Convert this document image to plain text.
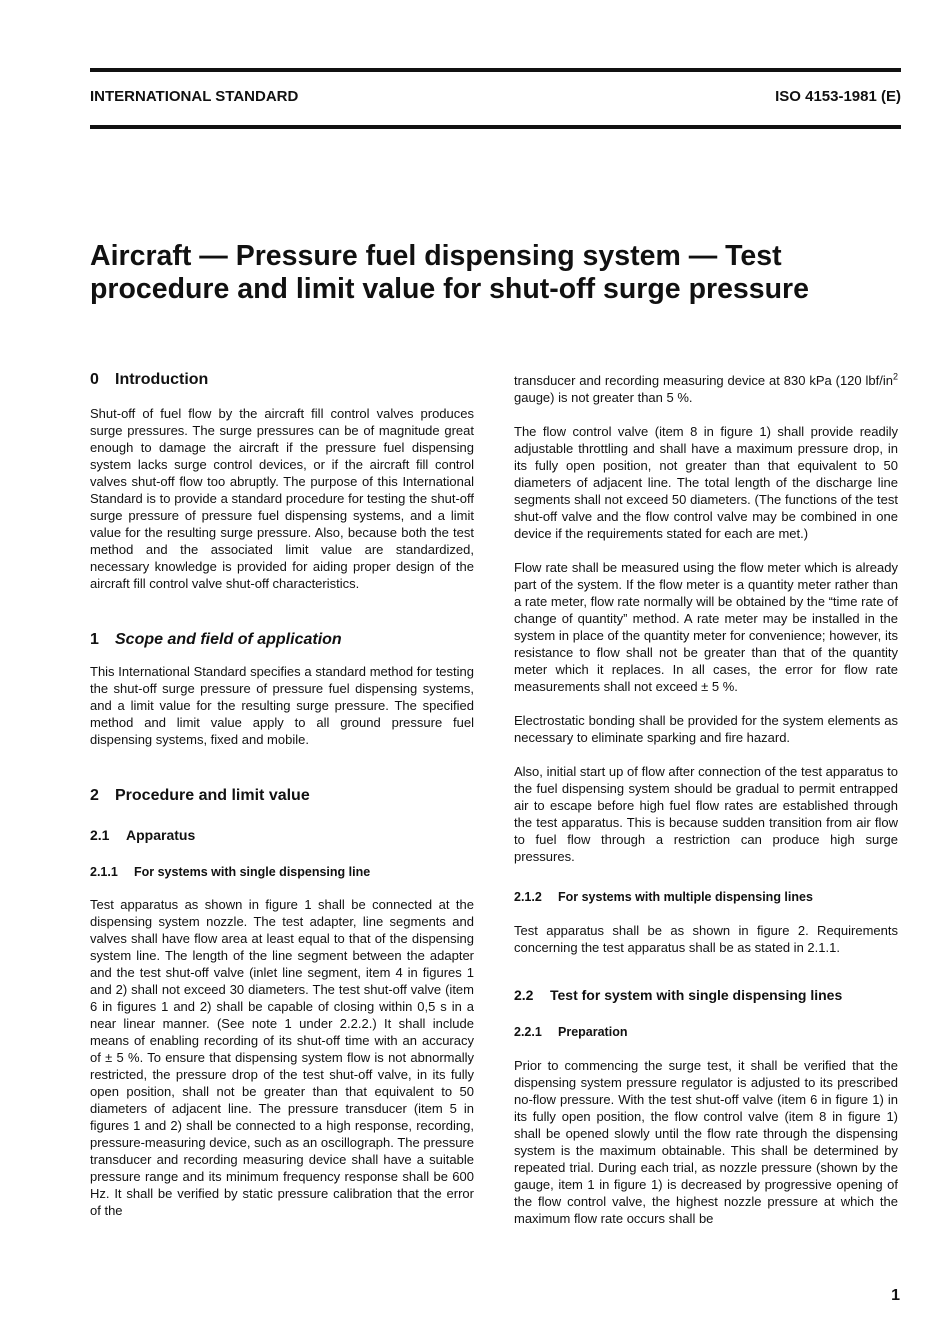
INTERNATIONAL STANDARD	ISO 4153-1981 (E)
Aircraft — Pressure fuel dispensing system — Test
procedure and limit value for shut-off surge pressure
0 Introduction

Shut-off of fuel flow by the aircraft fill control valves produces surge pressures. The surge pressures can be of magnitude great enough to damage the aircraft if the pressure fuel dispensing system lacks surge control devices, or if the aircraft fill control valves shut-off flow too abruptly. The purpose of this International Standard is to provide a standard procedure for testing the shut-off surge pressure of pressure fuel dispensing systems, and a limit value for the resulting surge pressure. Also, because both the test method and the associated limit value are standardized, necessary knowledge is provided for aiding proper design of the aircraft fill control valve shut-off characteristics.

1 Scope and field of application

This International Standard specifies a standard method for testing the shut-off surge pressure of pressure fuel dispensing systems, and a limit value for the resulting surge pressure. The specified method and limit value apply to all ground pressure fuel dispensing systems, fixed and mobile.

2 Procedure and limit value
2.1 Apparatus
2.1.1 For systems with single dispensing line

Test apparatus as shown in figure 1 shall be connected at the dispensing system nozzle. The test adapter, line segments and valves shall have flow area at least equal to that of the dispensing system line. The length of the line segment between the adapter and the test shut-off valve (inlet line segment, item 4 in figures 1 and 2) shall not exceed 30 diameters. The test shut-off valve (item 6 in figures 1 and 2) shall be capable of closing within 0,5 s in a near linear manner. (See note 1 under 2.2.2.) It shall include means of enabling recording of its shut-off time with an accuracy of ± 5 %. To ensure that dispensing system flow is not abnormally restricted, the pressure drop of the test shut-off valve, in its fully open position, shall not be greater than that equivalent to 50 diameters of adjacent line. The pressure transducer (item 5 in figures 1 and 2) shall be connected to a high response, recording, pressure-measuring device, such as an oscillograph. The pressure transducer and recording measuring device shall have a suitable pressure range and its minimum frequency response shall be 600 Hz. It shall be verified by static pressure calibration that the error of the

transducer and recording measuring device at 830 kPa (120 lbf/$in^2$ gauge) is not greater than 5 %.

The flow control valve (item 8 in figure 1) shall provide readily adjustable throttling and shall have a maximum pressure drop, in its fully open position, not greater than that equivalent to 50 diameters of adjacent line. The total length of the discharge line segments shall not exceed 50 diameters. (The functions of the test shut-off valve and the flow control valve may be combined in one device if the requirements stated for each are met.)

Flow rate shall be measured using the flow meter which is already part of the system. If the flow meter is a quantity meter rather than a rate meter, flow rate normally will be obtained by the “time rate of change of quantity” method. A rate meter may be installed in the system in place of the quantity meter for convenience; however, its resistance to flow shall not be greater than that of the quantity meter which it replaces. In all cases, the error for flow rate measurements shall not exceed ± 5 %.

Electrostatic bonding shall be provided for the system elements as necessary to eliminate sparking and fire hazard.

Also, initial start up of flow after connection of the test apparatus to the fuel dispensing system should be gradual to permit entrapped air to escape before high fuel flow rates are established through the test apparatus. This is because sudden transition from air flow to fuel flow through a restriction can produce high surge pressures.

2.1.2 For systems with multiple dispensing lines

Test apparatus shall be as shown in figure 2. Requirements concerning the test apparatus shall be as stated in 2.1.1.

2.2 Test for system with single dispensing lines
2.2.1 Preparation

Prior to commencing the surge test, it shall be verified that the dispensing system pressure regulator is adjusted to its prescribed no-flow pressure. With the test shut-off valve (item 6 in figure 1) in its fully open position, the flow control valve (item 8 in figure 1) shall be opened slowly until the flow rate through the dispensing system is the maximum obtainable. This shall be determined by repeated trial. During each trial, as nozzle pressure (shown by the gauge, item 1 in figure 1) is decreased by progressive opening of the flow control valve, the highest nozzle pressure at which the maximum flow rate occurs shall be

1
